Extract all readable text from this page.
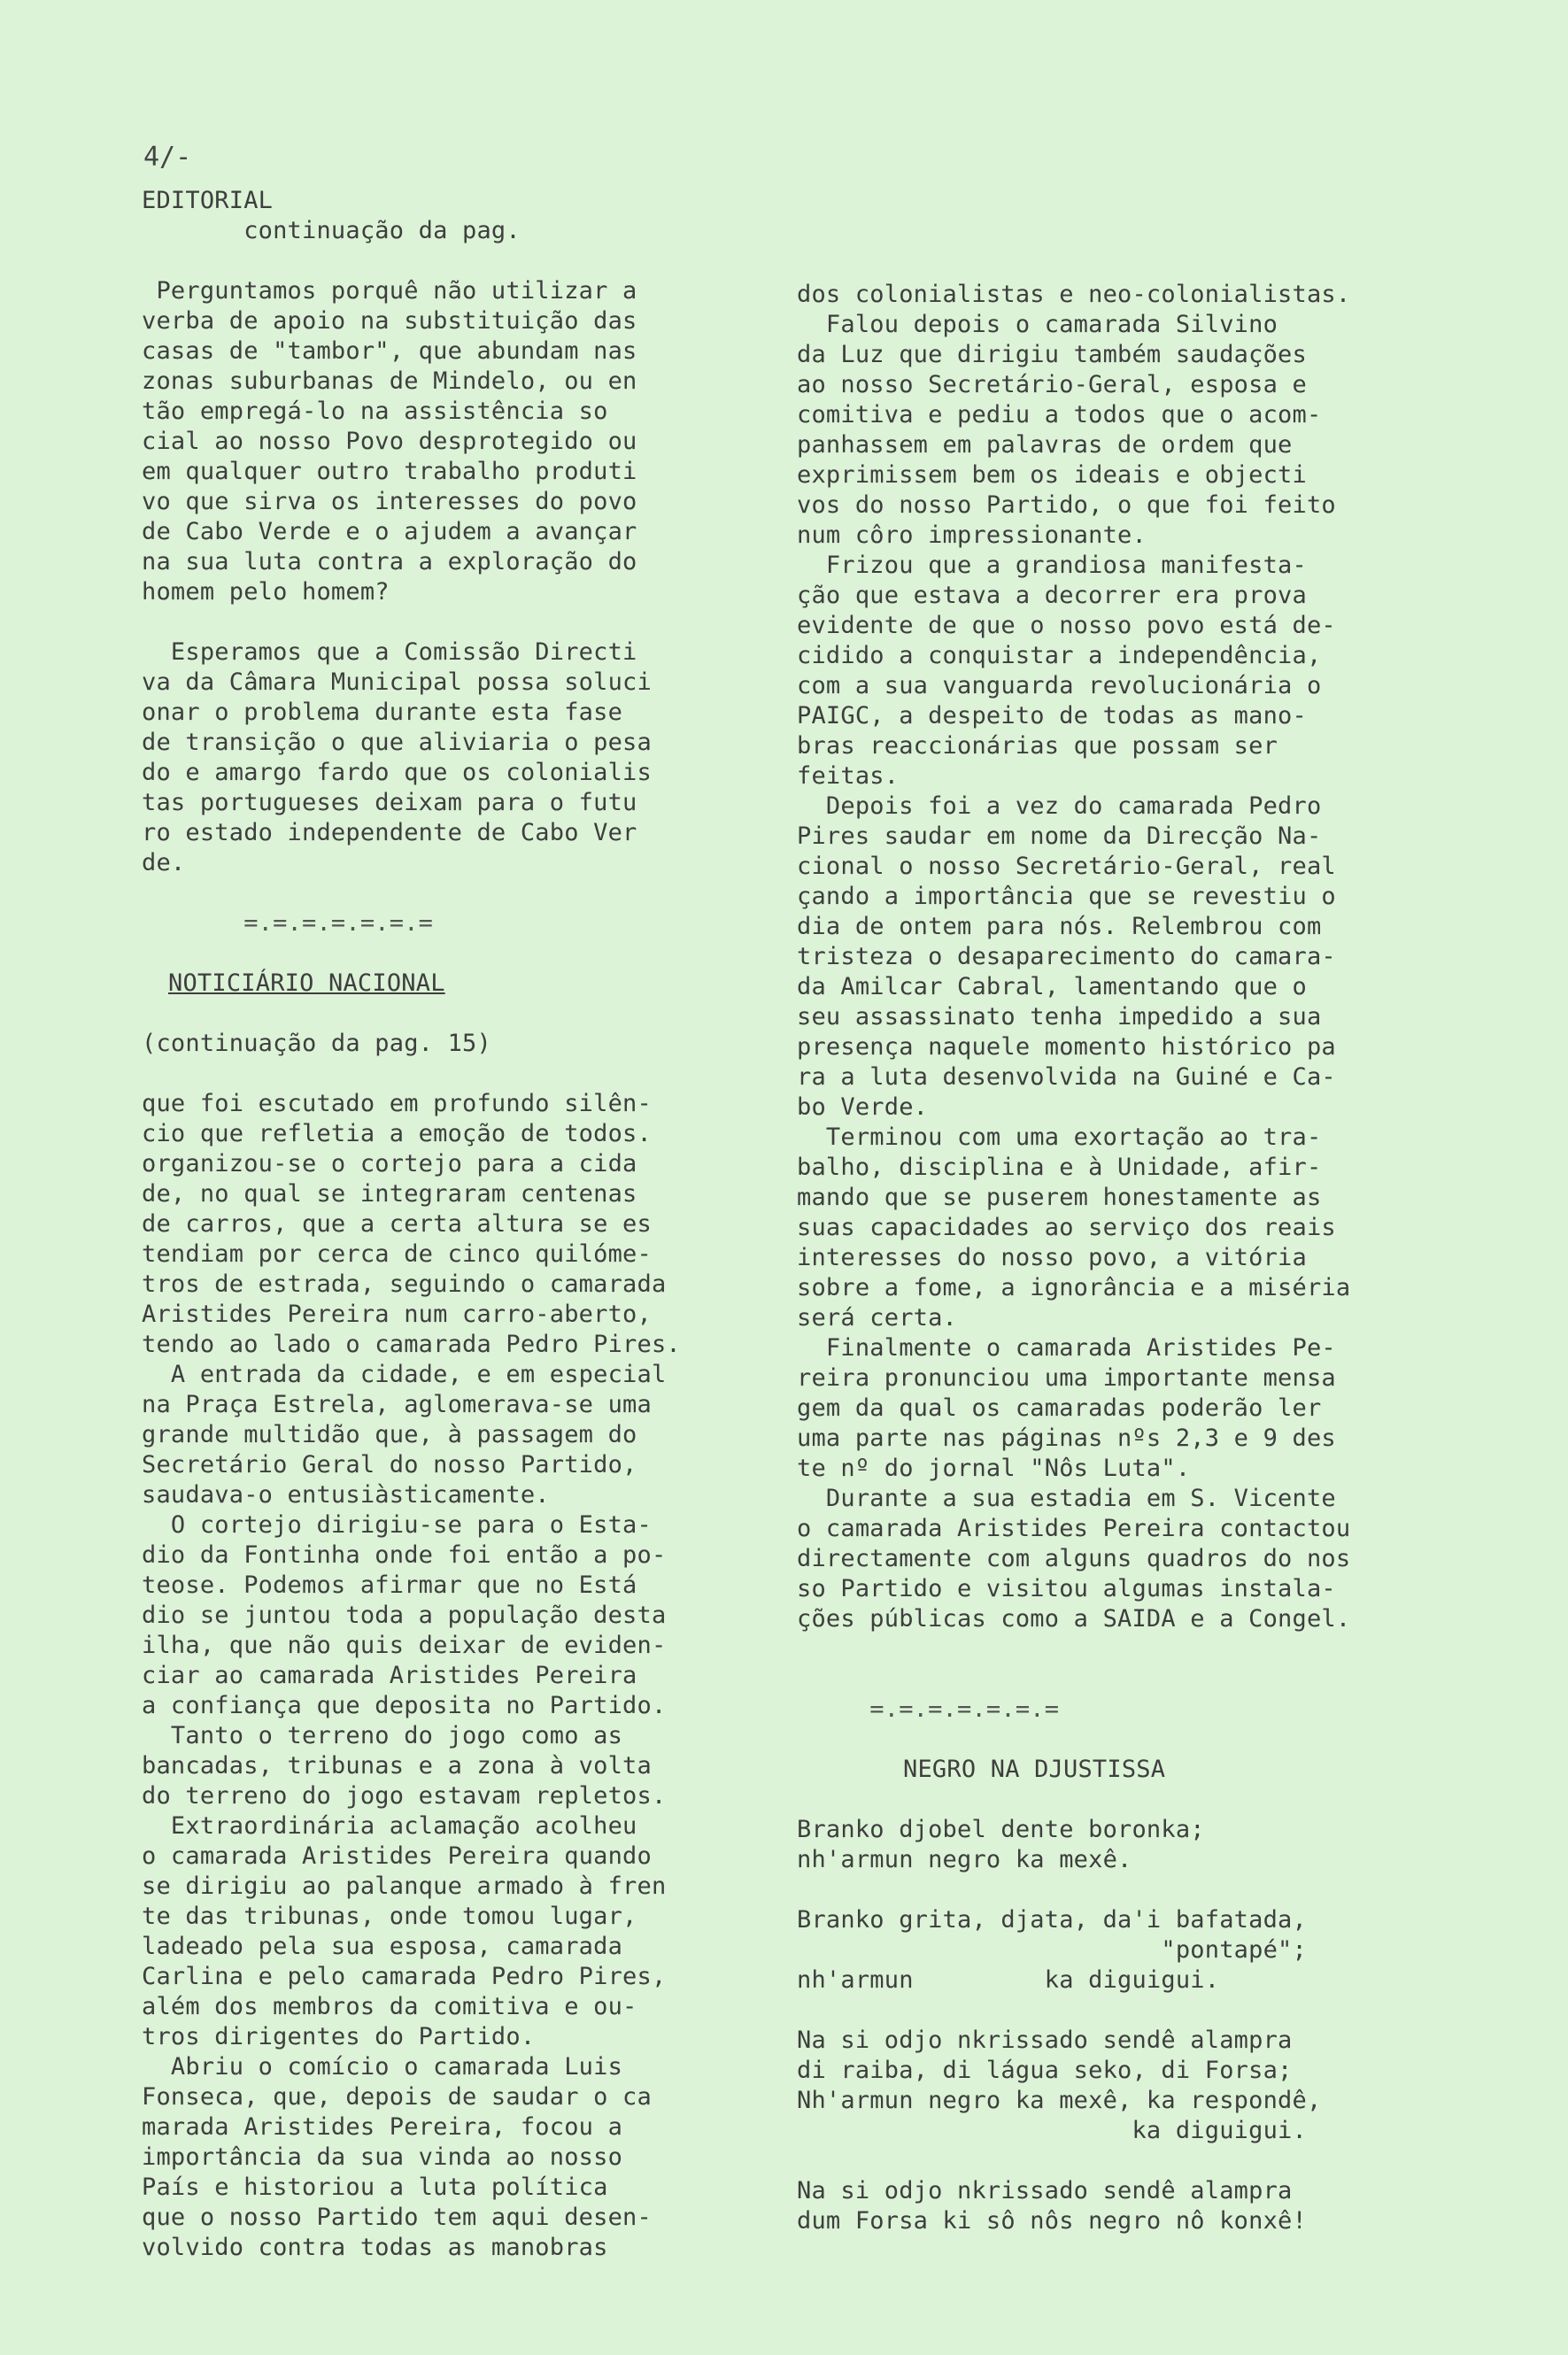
4/-

EDITORIAL

continuação da pag.

Perguntamos porquê não utilizar a

verba de apoio na substituição das

casas de "tambor", que abundam nas

zonas suburbanas de Mindelo, ou en

tão empregá-lo na assistência so

cial ao nosso Povo desprotegido ou

em qualquer outro trabalho produti

vo que sirva os interesses do povo

de Cabo Verde e o ajudem a avançar

na sua luta contra a exploração do

homem pelo homem?

Esperamos que a Comissão Directi

va da Câmara Municipal possa soluci

onar o problema durante esta fase

de transição o que aliviaria o pesa

do e amargo fardo que os colonialis

tas portugueses deixam para o futu

ro estado independente de Cabo Ver

de.

=.=.=.=.=.=.=

NOTICIÁRIO NACIONAL

(continuação da pag. 15)

que foi escutado em profundo silên-

cio que refletia a emoção de todos.

organizou-se o cortejo para a cida

de, no qual se integraram centenas

de carros, que a certa altura se es

tendiam por cerca de cinco quilóme-

tros de estrada, seguindo o camarada

Aristides Pereira num carro-aberto,

tendo ao lado o camarada Pedro Pires.

A entrada da cidade, e em especial

na Praça Estrela, aglomerava-se uma

grande multidão que, à passagem do

Secretário Geral do nosso Partido,

saudava-o entusiàsticamente.

O cortejo dirigiu-se para o Esta-

dio da Fontinha onde foi então a po-

teose. Podemos afirmar que no Está

dio se juntou toda a população desta

ilha, que não quis deixar de eviden-

ciar ao camarada Aristides Pereira

a confiança que deposita no Partido.

Tanto o terreno do jogo como as

bancadas, tribunas e a zona à volta

do terreno do jogo estavam repletos.

Extraordinária aclamação acolheu

o camarada Aristides Pereira quando

se dirigiu ao palanque armado à fren

te das tribunas, onde tomou lugar,

ladeado pela sua esposa, camarada

Carlina e pelo camarada Pedro Pires,

além dos membros da comitiva e ou-

tros dirigentes do Partido.

Abriu o comício o camarada Luis

Fonseca, que, depois de saudar o ca

marada Aristides Pereira, focou a

importância da sua vinda ao nosso

País e historiou a luta política

que o nosso Partido tem aqui desen-

volvido contra todas as manobras

dos colonialistas e neo-colonialistas.

Falou depois o camarada Silvino

da Luz que dirigiu também saudações

ao nosso Secretário-Geral, esposa e

comitiva e pediu a todos que o acom-

panhassem em palavras de ordem que

exprimissem bem os ideais e objecti

vos do nosso Partido, o que foi feito

num côro impressionante.

Frizou que a grandiosa manifesta-

ção que estava a decorrer era prova

evidente de que o nosso povo está de-

cidido a conquistar a independência,

com a sua vanguarda revolucionária o

PAIGC, a despeito de todas as mano-

bras reaccionárias que possam ser

feitas.

Depois foi a vez do camarada Pedro

Pires saudar em nome da Direcção Na-

cional o nosso Secretário-Geral, real

çando a importância que se revestiu o

dia de ontem para nós. Relembrou com

tristeza o desaparecimento do camara-

da Amilcar Cabral, lamentando que o

seu assassinato tenha impedido a sua

presença naquele momento histórico pa

ra a luta desenvolvida na Guiné e Ca-

bo Verde.

Terminou com uma exortação ao tra-

balho, disciplina e à Unidade, afir-

mando que se puserem honestamente as

suas capacidades ao serviço dos reais

interesses do nosso povo, a vitória

sobre a fome, a ignorância e a miséria

será certa.

Finalmente o camarada Aristides Pe-

reira pronunciou uma importante mensa

gem da qual os camaradas poderão ler

uma parte nas páginas nºs 2,3 e 9 des

te nº do jornal "Nôs Luta".

Durante a sua estadia em S. Vicente

o camarada Aristides Pereira contactou

directamente com alguns quadros do nos

so Partido e visitou algumas instala-

ções públicas como a SAIDA e a Congel.

=.=.=.=.=.=.=

NEGRO NA DJUSTISSA

Branko djobel dente boronka;

nh'armun negro ka mexê.

Branko grita, djata, da'i bafatada,

"pontapé";

nh'armun         ka diguigui.

Na si odjo nkrissado sendê alampra

di raiba, di lágua seko, di Forsa;

Nh'armun negro ka mexê, ka respondê,

ka diguigui.

Na si odjo nkrissado sendê alampra

dum Forsa ki sô nôs negro nô konxê!
